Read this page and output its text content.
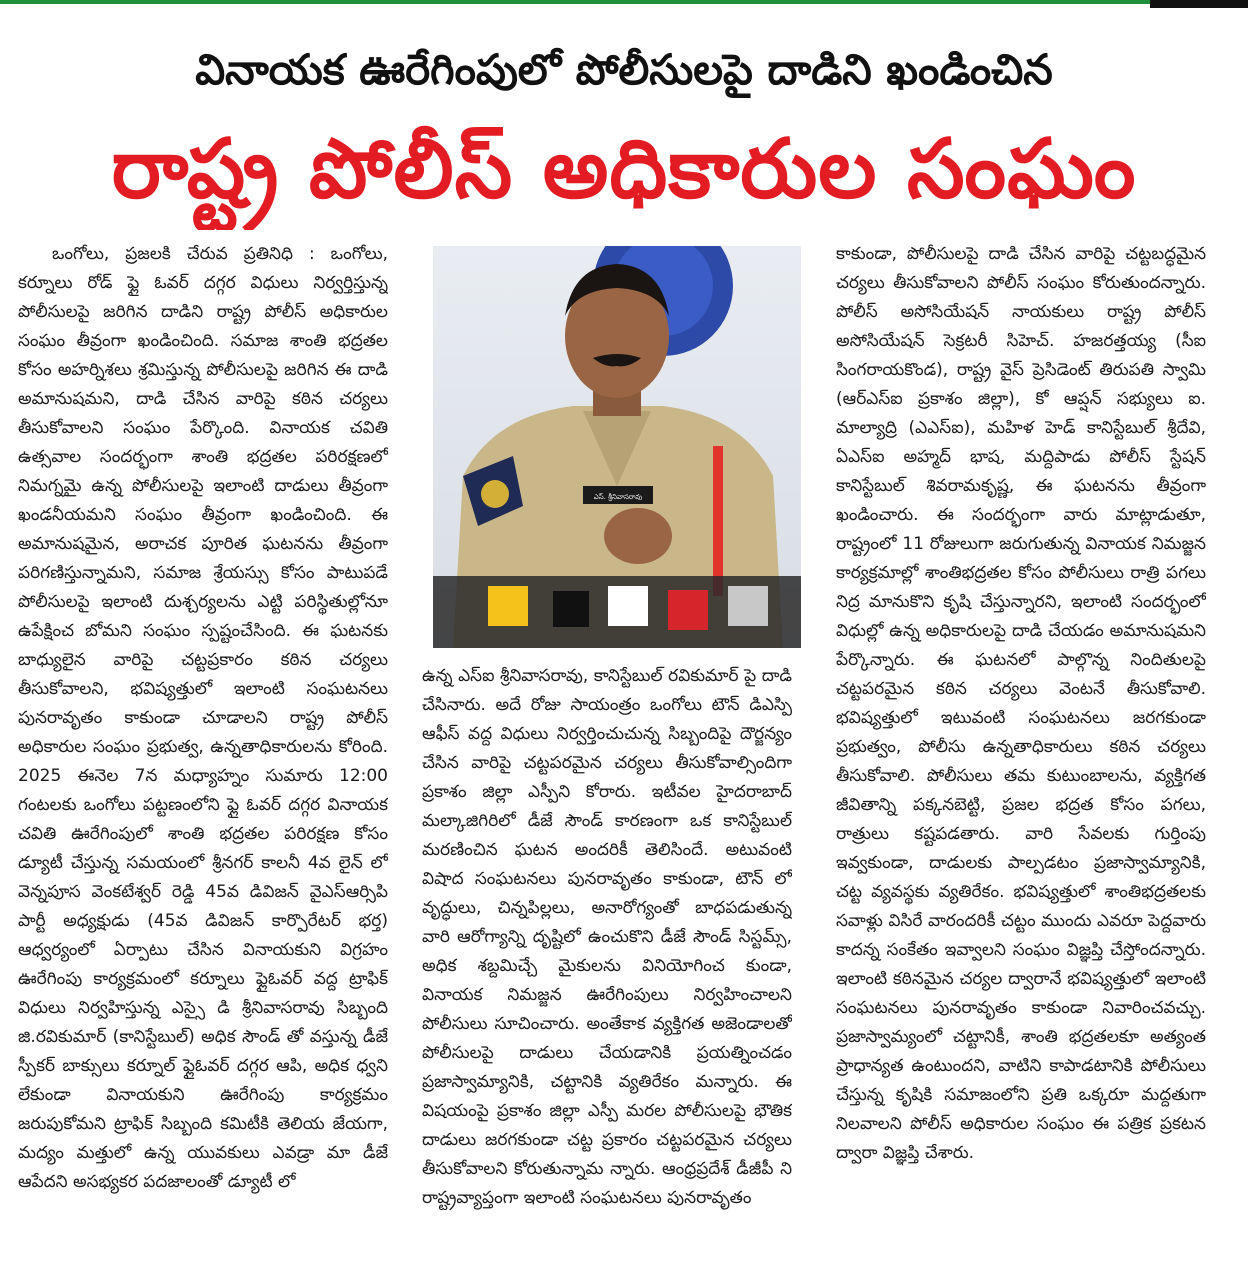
వినాయక ఊరేగింపులో పోలీసులపై దాడిని ఖండించిన
రాష్ట్ర పోలీస్ అధికారుల సంఘం

ఒంగోలు, ప్రజలకి చేరువ ప్రతినిధి : ఒంగోలు, కర్నూలు రోడ్ ఫ్లై ఓవర్ దగ్గర విధులు నిర్వర్తిస్తున్న పోలీసులపై జరిగిన దాడిని రాష్ట్ర పోలీస్ అధికారుల సంఘం తీవ్రంగా ఖండించింది. సమాజ శాంతి భద్రతల కోసం అహర్నిశలు శ్రమిస్తున్న పోలీసులపై జరిగిన ఈ దాడి అమానుషమని, దాడి చేసిన వారిపై కఠిన చర్యలు తీసుకోవాలని సంఘం పేర్కొంది. వినాయక చవితి ఉత్సవాల సందర్భంగా శాంతి భద్రతల పరిరక్షణలో నిమగ్నమై ఉన్న పోలీసులపై ఇలాంటి దాడులు తీవ్రంగా ఖండనీయమని సంఘం తీవ్రంగా ఖండించింది. ఈ అమానుషమైన, అరాచక పూరిత ఘటనను తీవ్రంగా పరిగణిస్తున్నామని, సమాజ శ్రేయస్సు కోసం పాటుపడే పోలీసులపై ఇలాంటి దుశ్చర్యలను ఎట్టి పరిస్థితుల్లోనూ ఉపేక్షించ బోమని సంఘం స్పష్టంచేసింది. ఈ ఘటనకు బాధ్యులైన వారిపై చట్టప్రకారం కఠిన చర్యలు తీసుకోవాలని, భవిష్యత్తులో ఇలాంటి సంఘటనలు పునరావృతం కాకుండా చూడాలని రాష్ట్ర పోలీస్ అధికారుల సంఘం ప్రభుత్వ, ఉన్నతాధికారులను కోరింది. 2025 ఈనెల 7న మధ్యాహ్నం సుమారు 12:00 గంటలకు ఒంగోలు పట్టణంలోని ఫ్లై ఓవర్ దగ్గర వినాయక చవితి ఊరేగింపులో శాంతి భద్రతల పరిరక్షణ కోసం డ్యూటీ చేస్తున్న సమయంలో శ్రీనగర్ కాలనీ 4వ లైన్ లో వెన్నపూస వెంకటేశ్వర్ రెడ్డి 45వ డివిజన్ వైఎస్ఆర్సిపి పార్టీ అధ్యక్షుడు (45వ డివిజన్ కార్పొరేటర్ భర్త) ఆధ్వర్యంలో ఏర్పాటు చేసిన వినాయకుని విగ్రహం ఊరేగింపు కార్యక్రమంలో కర్నూలు ఫ్లైఓవర్ వద్ద ట్రాఫిక్ విధులు నిర్వహిస్తున్న ఎస్సై డి శ్రీనివాసరావు సిబ్బంది జి.రవికుమార్ (కానిస్టేబుల్) అధిక సౌండ్ తో వస్తున్న డీజే స్పీకర్ బాక్సులు కర్నూల్ ఫ్లైఓవర్ దగ్గర ఆపి, అధిక ధ్వని లేకుండా వినాయకుని ఊరేగింపు కార్యక్రమం జరుపుకోమని ట్రాఫిక్ సిబ్బంది కమిటీకి తెలియ జేయగా, మద్యం మత్తులో ఉన్న యువకులు ఎవడ్రా మా డీజే ఆపేదని అసభ్యకర పదజాలంతో డ్యూటీ లో

ఎస్. శ్రీనివాసరావు

ఉన్న ఎస్ఐ శ్రీనివాసరావు, కానిస్టేబుల్ రవికుమార్ పై దాడి చేసినారు. అదే రోజు సాయంత్రం ఒంగోలు టౌన్ డిఎస్పి ఆఫీస్ వద్ద విధులు నిర్వర్తించుచున్న సిబ్బందిపై దౌర్జన్యం చేసిన వారిపై చట్టపరమైన చర్యలు తీసుకోవాల్సిందిగా ప్రకాశం జిల్లా ఎస్పీని కోరారు. ఇటీవల హైదరాబాద్ మల్కాజిగిరిలో డీజే సౌండ్ కారణంగా ఒక కానిస్టేబుల్ మరణించిన ఘటన అందరికీ తెలిసిందే. అటువంటి విషాద సంఘటనలు పునరావృతం కాకుండా, టౌన్ లో వృద్ధులు, చిన్నపిల్లలు, అనారోగ్యంతో బాధపడుతున్న వారి ఆరోగ్యాన్ని దృష్టిలో ఉంచుకొని డీజే సౌండ్ సిస్టమ్స్, అధిక శబ్దమిచ్చే మైకులను వినియోగించ కుండా, వినాయక నిమజ్జన ఊరేగింపులు నిర్వహించాలని పోలీసులు సూచించారు. అంతేకాక వ్యక్తిగత అజెండాలతో పోలీసులపై దాడులు చేయడానికి ప్రయత్నించడం ప్రజాస్వామ్యానికి, చట్టానికి వ్యతిరేకం మన్నారు. ఈ విషయంపై ప్రకాశం జిల్లా ఎస్పీ మరల పోలీసులపై భౌతిక దాడులు జరగకుండా చట్ట ప్రకారం చట్టపరమైన చర్యలు తీసుకోవాలని కోరుతున్నామ న్నారు. ఆంధ్రప్రదేశ్ డీజీపీ ని రాష్ట్రవ్యాప్తంగా ఇలాంటి సంఘటనలు పునరావృతం

కాకుండా, పోలీసులపై దాడి చేసిన వారిపై చట్టబద్ధమైన చర్యలు తీసుకోవాలని పోలీస్ సంఘం కోరుతుందన్నారు. పోలీస్ అసోసియేషన్ నాయకులు రాష్ట్ర పోలీస్ అసోసియేషన్ సెక్రటరీ సిహెచ్. హజరత్తయ్య (సీఐ సింగరాయకొండ), రాష్ట్ర వైస్ ప్రెసిడెంట్ తిరుపతి స్వామి (ఆర్ఎస్ఐ ప్రకాశం జిల్లా), కో ఆప్షన్ సభ్యులు ఐ. మాల్యాద్రి (ఎఎస్ఐ), మహిళ హెడ్ కానిస్టేబుల్ శ్రీదేవి, ఏఎస్ఐ అహ్మద్ భాష, మద్దిపాడు పోలీస్ స్టేషన్ కానిస్టేబుల్ శివరామకృష్ణ, ఈ ఘటనను తీవ్రంగా ఖండించారు. ఈ సందర్భంగా వారు మాట్లాడుతూ, రాష్ట్రంలో 11 రోజులుగా జరుగుతున్న వినాయక నిమజ్జన కార్యక్రమాల్లో శాంతిభద్రతల కోసం పోలీసులు రాత్రి పగలు నిద్ర మానుకొని కృషి చేస్తున్నారని, ఇలాంటి సందర్భంలో విధుల్లో ఉన్న అధికారులపై దాడి చేయడం అమానుషమని పేర్కొన్నారు. ఈ ఘటనలో పాల్గొన్న నిందితులపై చట్టపరమైన కఠిన చర్యలు వెంటనే తీసుకోవాలి. భవిష్యత్తులో ఇటువంటి సంఘటనలు జరగకుండా ప్రభుత్వం, పోలీసు ఉన్నతాధికారులు కఠిన చర్యలు తీసుకోవాలి. పోలీసులు తమ కుటుంబాలను, వ్యక్తిగత జీవితాన్ని పక్కనబెట్టి, ప్రజల భద్రత కోసం పగలు, రాత్రులు కష్టపడతారు. వారి సేవలకు గుర్తింపు ఇవ్వకుండా, దాడులకు పాల్పడటం ప్రజాస్వామ్యానికి, చట్ట వ్యవస్థకు వ్యతిరేకం. భవిష్యత్తులో శాంతిభద్రతలకు సవాళ్లు విసిరే వారందరికీ చట్టం ముందు ఎవరూ పెద్దవారు కాదన్న సంకేతం ఇవ్వాలని సంఘం విజ్ఞప్తి చేస్తోందన్నారు. ఇలాంటి కఠినమైన చర్యల ద్వారానే భవిష్యత్తులో ఇలాంటి సంఘటనలు పునరావృతం కాకుండా నివారించవచ్చు. ప్రజాస్వామ్యంలో చట్టానికీ, శాంతి భద్రతలకూ అత్యంత ప్రాధాన్యత ఉంటుందని, వాటిని కాపాడటానికి పోలీసులు చేస్తున్న కృషికి సమాజంలోని ప్రతి ఒక్కరూ మద్దతుగా నిలవాలని పోలీస్ అధికారుల సంఘం ఈ పత్రిక ప్రకటన ద్వారా విజ్ఞప్తి చేశారు.
